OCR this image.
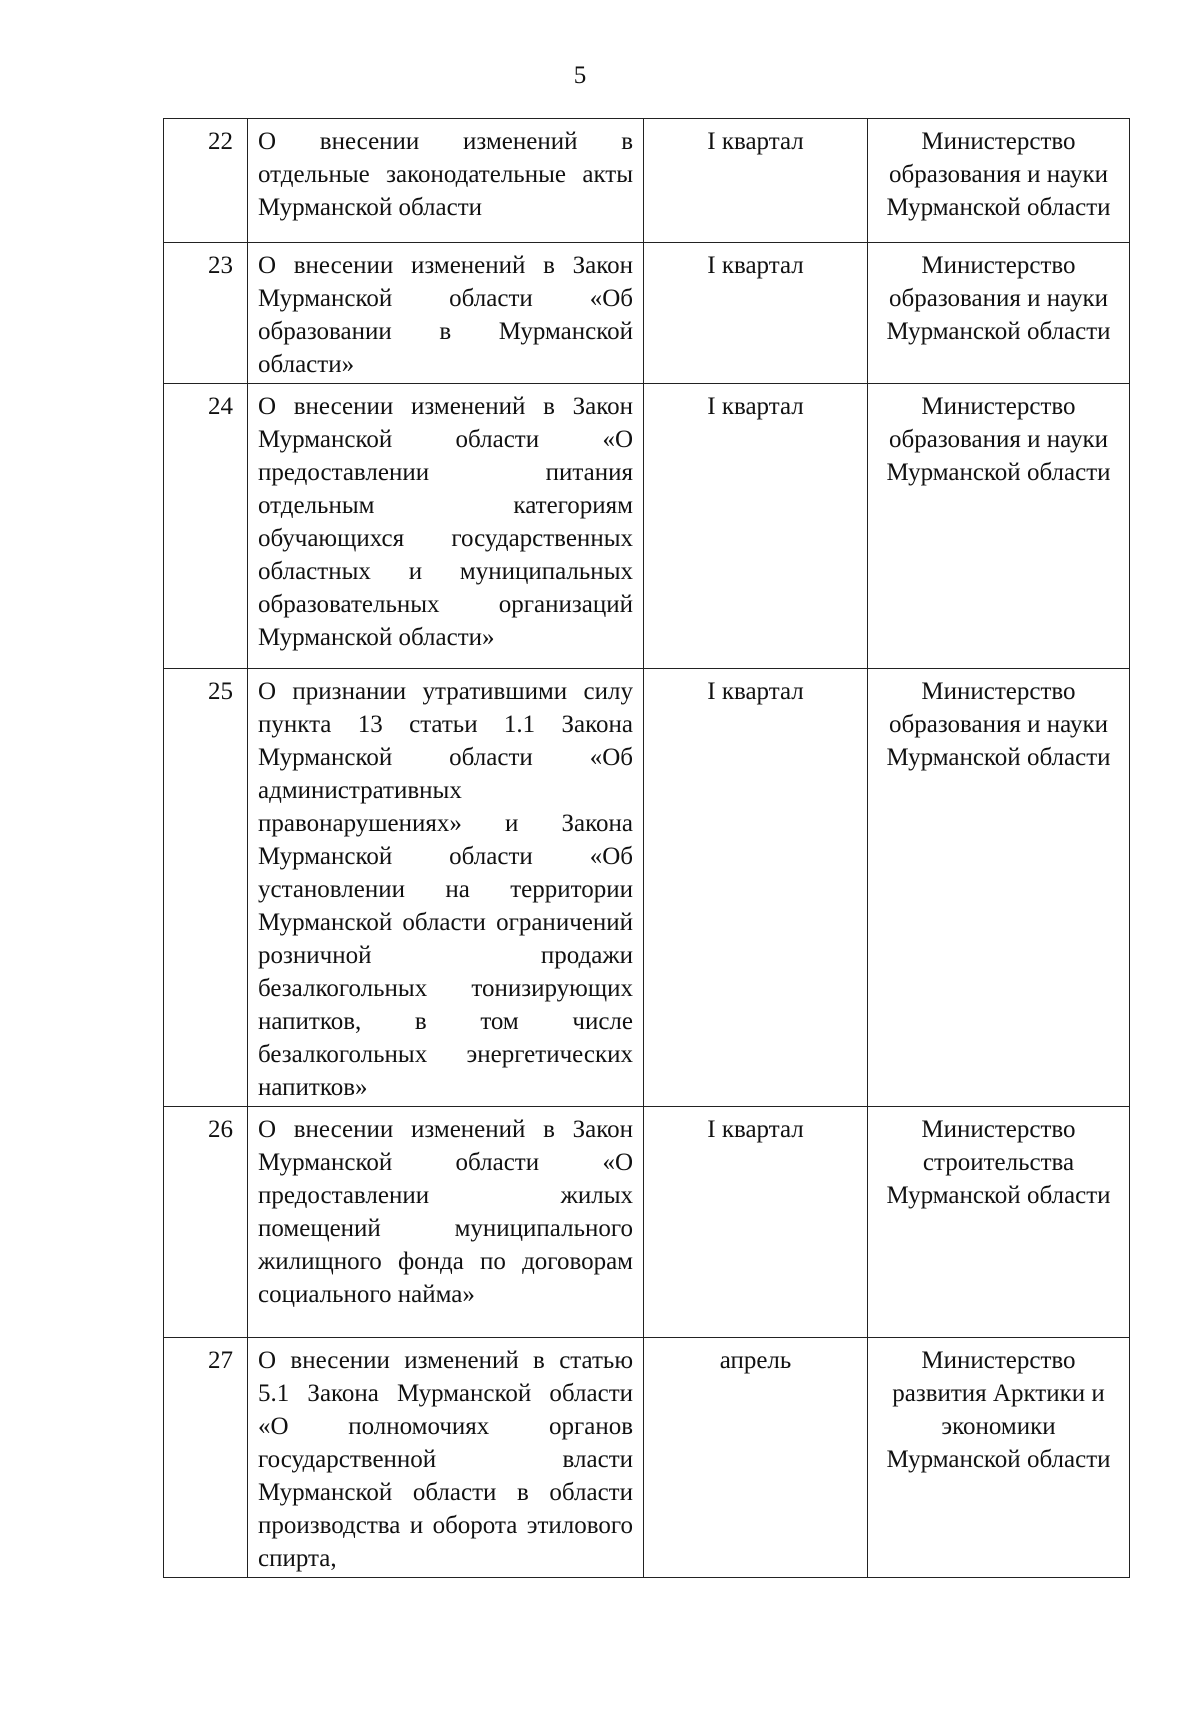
5
22	О внесении изменений в отдельные законодательные акты Мурманской области	I квартал	Министерство образования и науки Мурманской области
23	О внесении изменений в Закон Мурманской области «Об образовании в Мурманской области»	I квартал	Министерство образования и науки Мурманской области
24	О внесении изменений в Закон Мурманской области «О предоставлении питания отдельным категориям обучающихся государственных областных и муниципальных образовательных организаций Мурманской области»	I квартал	Министерство образования и науки Мурманской области
25	О признании утратившими силу пункта 13 статьи 1.1 Закона Мурманской области «Об административных правонарушениях» и Закона Мурманской области «Об установлении на территории Мурманской области ограничений розничной продажи безалкогольных тонизирующих напитков, в том числе безалкогольных энергетических напитков»	I квартал	Министерство образования и науки Мурманской области
26	О внесении изменений в Закон Мурманской области «О предоставлении жилых помещений муниципального жилищного фонда по договорам социального найма»	I квартал	Министерство строительства Мурманской области
27	О внесении изменений в статью 5.1 Закона Мурманской области «О полномочиях органов государственной власти Мурманской области в области производства и оборота этилового спирта,	апрель	Министерство развития Арктики и экономики Мурманской области
